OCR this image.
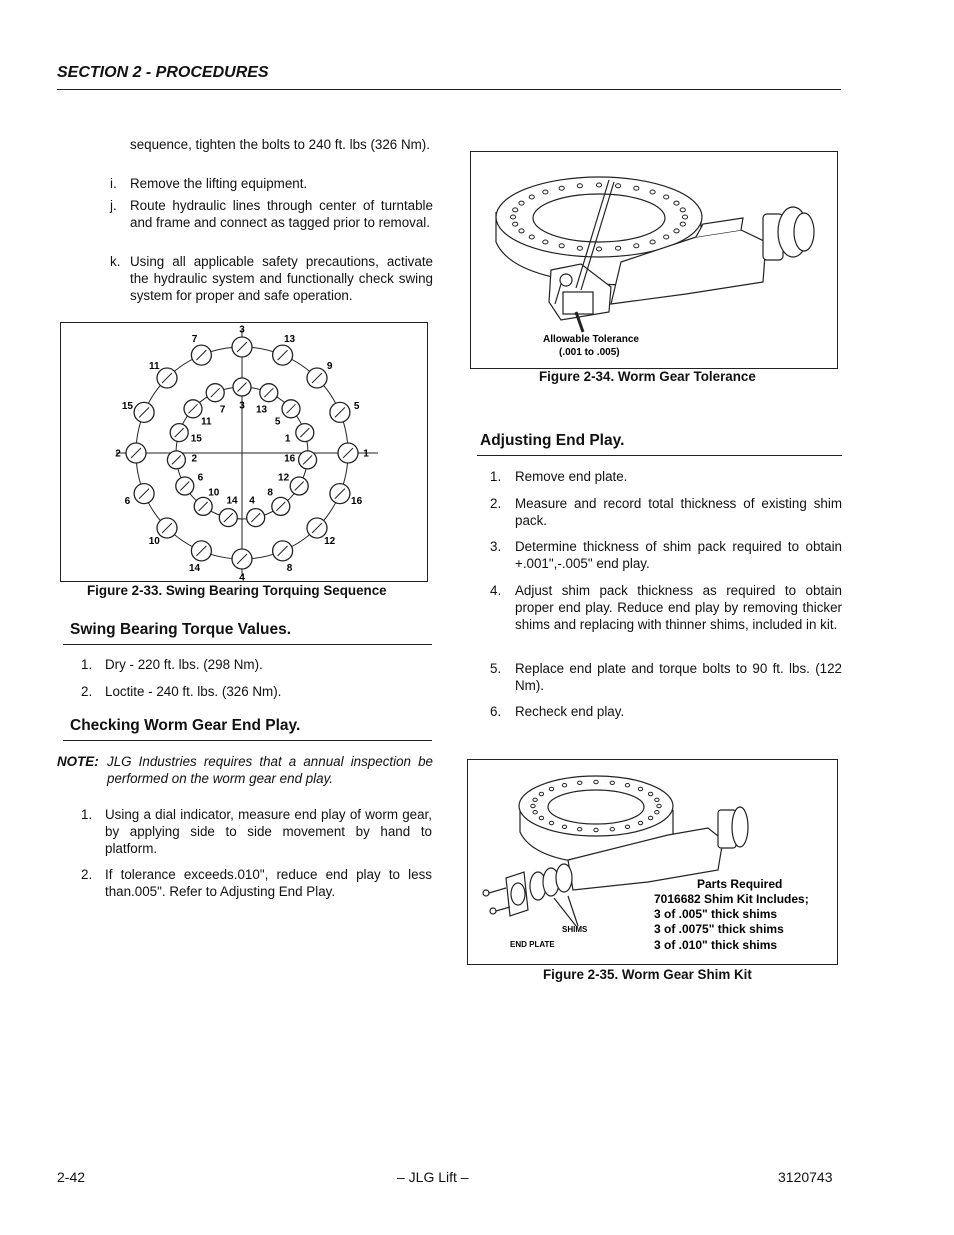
SECTION 2 - PROCEDURES
sequence, tighten the bolts to 240 ft. lbs (326 Nm).
i. Remove the lifting equipment.
j. Route hydraulic lines through center of turntable and frame and connect as tagged prior to removal.
k. Using all applicable safety precautions, activate the hydraulic system and functionally check swing system for proper and safe operation.
3
13
9
5
1
16
12
8
4
14
10
6
2
15
11
7
3 13
5
1
16
12
8
4
14
10
6
2
15
11
7
Figure 2-33. Swing Bearing Torquing Sequence
Swing Bearing Torque Values.
1. Dry - 220 ft. lbs. (298 Nm).
2. Loctite - 240 ft. lbs. (326 Nm).
Checking Worm Gear End Play.
NOTE: JLG Industries requires that a annual inspection be performed on the worm gear end play.
1. Using a dial indicator, measure end play of worm gear, by applying side to side movement by hand to platform.
2. If tolerance exceeds.010", reduce end play to less than.005". Refer to Adjusting End Play.
Allowable Tolerance
(.001 to .005)
Figure 2-34. Worm Gear Tolerance
Adjusting End Play.
1. Remove end plate.
2. Measure and record total thickness of existing shim pack.
3. Determine thickness of shim pack required to obtain +.001",-.005" end play.
4. Adjust shim pack thickness as required to obtain proper end play. Reduce end play by removing thicker shims and replacing with thinner shims, included in kit.
5. Replace end plate and torque bolts to 90 ft. lbs. (122 Nm).
6. Recheck end play.
SHIMS
END PLATE
Parts Required
7016682 Shim Kit Includes;
3 of .005" thick shims
3 of .0075" thick shims
3 of .010" thick shims
Figure 2-35. Worm Gear Shim Kit
2-42	– JLG Lift –	3120743
